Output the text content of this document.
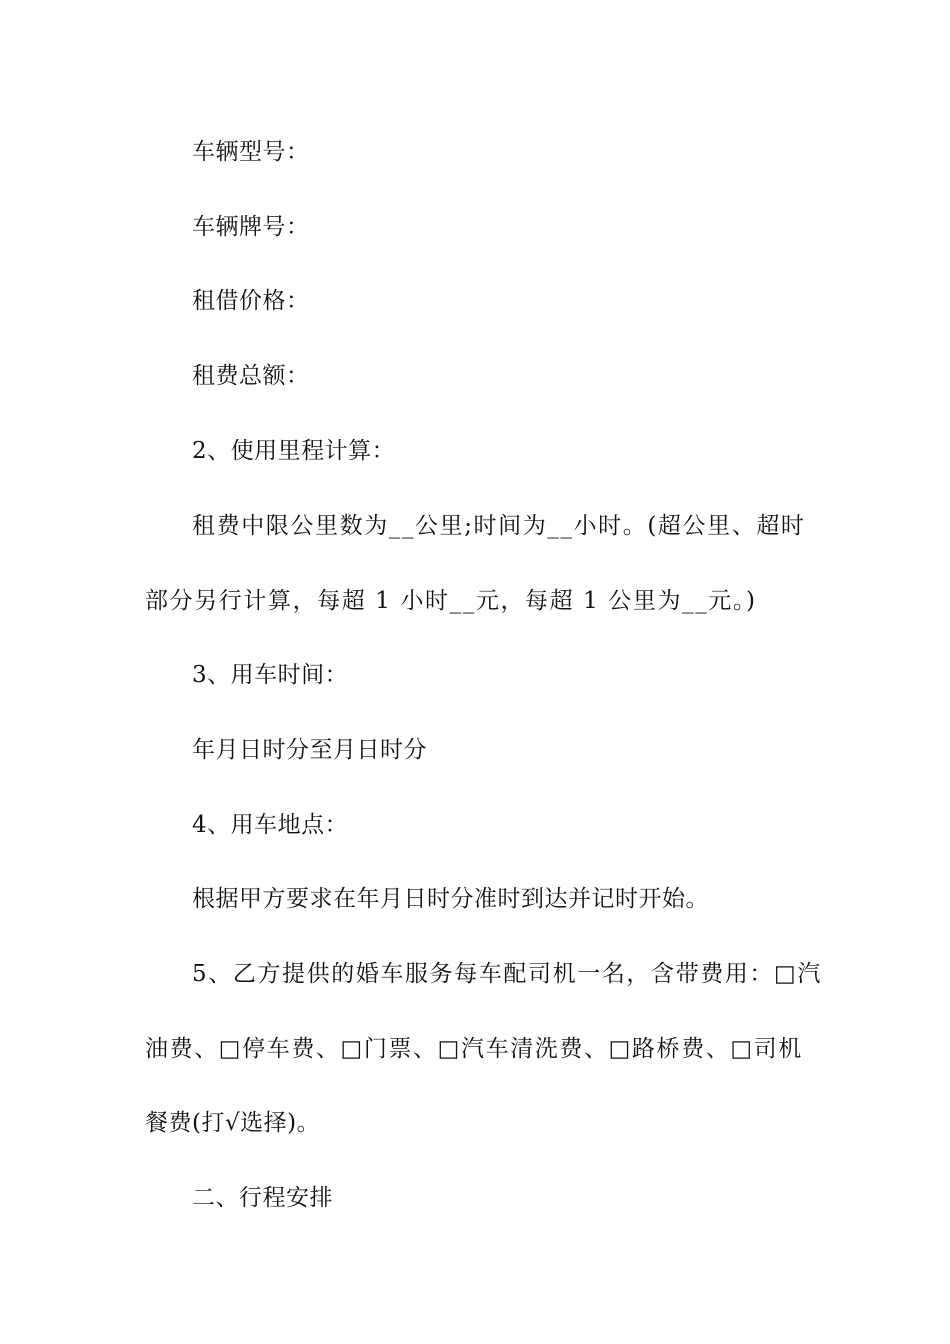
车辆型号：
车辆牌号：
租借价格：
租费总额：
2、使用里程计算：
租费中限公里数为__公里;时间为__小时。(超公里、超时
部分另行计算，每超 1 小时__元，每超 1 公里为__元。)
3、用车时间：
年月日时分至月日时分
4、用车地点：
根据甲方要求在年月日时分准时到达并记时开始。
5、乙方提供的婚车服务每车配司机一名，含带费用：□汽
油费、□停车费、□门票、□汽车清洗费、□路桥费、□司机
餐费(打√选择)。
二、行程安排
